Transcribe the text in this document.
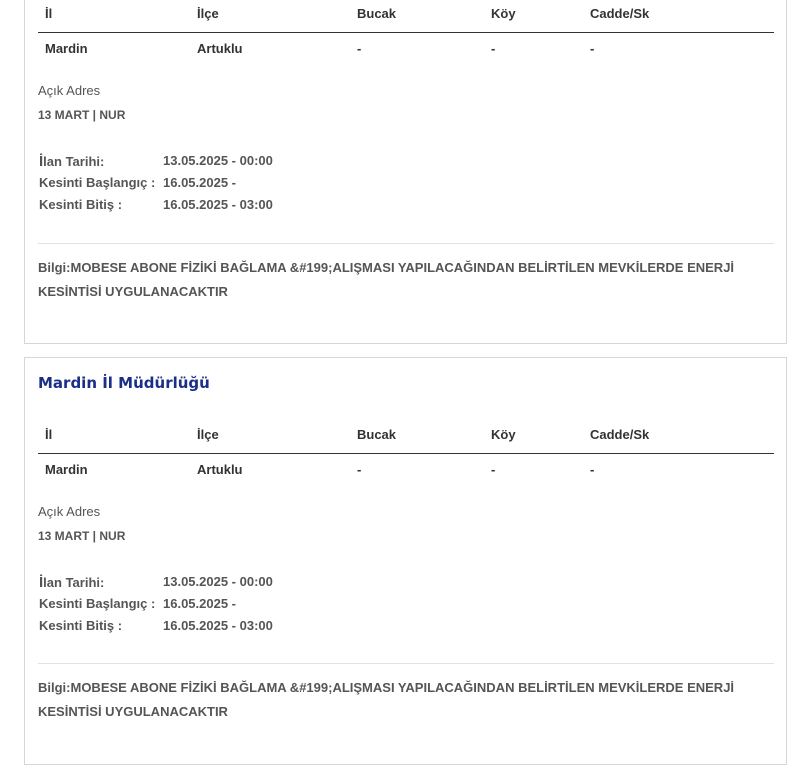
İl	İlçe	Bucak	Köy	Cadde/Sk
Mardin	Artuklu	-	-	-
Açık Adres
13 MART | NUR
İlan Tarihi:	13.05.2025 - 00:00
Kesinti Başlangıç : 16.05.2025 -
Kesinti Bitiş :	16.05.2025 - 03:00
Bilgi:MOBESE ABONE FİZİKİ BAĞLAMA &#199;ALIŞMASI YAPILACAĞINDAN BELİRTİLEN MEVKİLERDE ENERJİ KESİNTİSİ UYGULANACAKTIR
Mardin İl Müdürlüğü
İl	İlçe	Bucak	Köy	Cadde/Sk
Mardin	Artuklu	-	-	-
Açık Adres
13 MART | NUR
İlan Tarihi:	13.05.2025 - 00:00
Kesinti Başlangıç : 16.05.2025 -
Kesinti Bitiş :	16.05.2025 - 03:00
Bilgi:MOBESE ABONE FİZİKİ BAĞLAMA &#199;ALIŞMASI YAPILACAĞINDAN BELİRTİLEN MEVKİLERDE ENERJİ KESİNTİSİ UYGULANACAKTIR
